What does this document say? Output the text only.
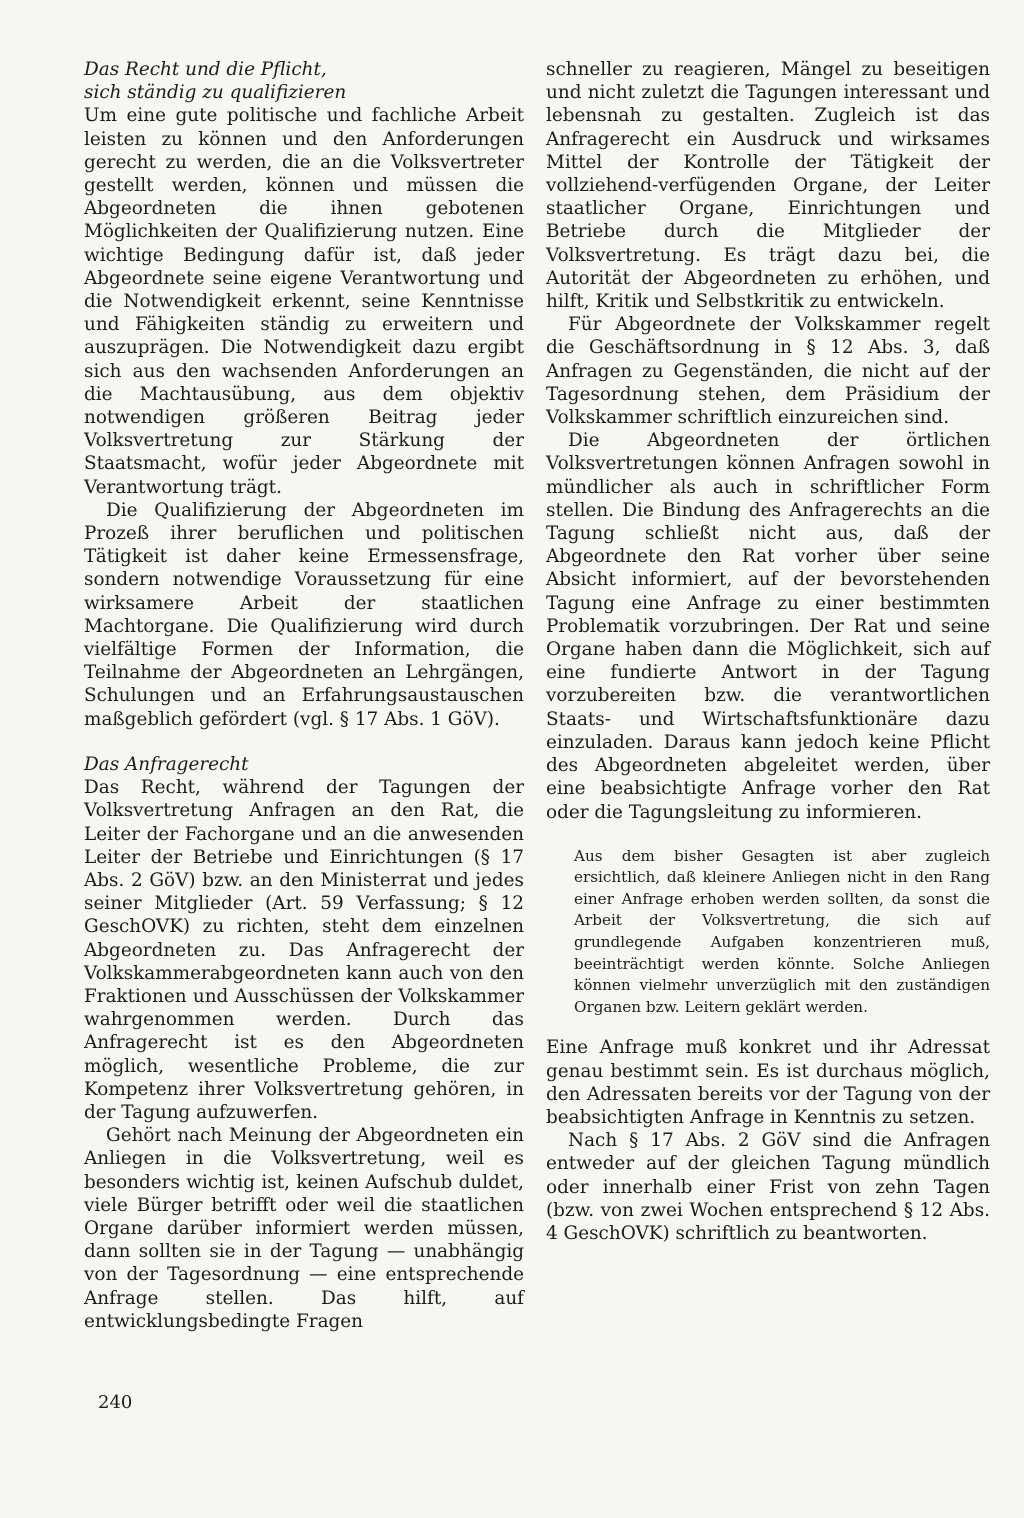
Das Recht und die Pflicht,
sich ständig zu qualifizieren

Um eine gute politische und fachliche Arbeit leisten zu können und den Anforderungen gerecht zu werden, die an die Volksvertreter gestellt werden, können und müssen die Abgeordneten die ihnen gebotenen Möglichkeiten der Qualifizierung nutzen. Eine wichtige Bedingung dafür ist, daß jeder Abgeordnete seine eigene Verantwortung und die Notwendigkeit erkennt, seine Kenntnisse und Fähigkeiten ständig zu erweitern und auszuprägen. Die Notwendigkeit dazu ergibt sich aus den wachsenden Anforderungen an die Machtausübung, aus dem objektiv notwendigen größeren Beitrag jeder Volksvertretung zur Stärkung der Staatsmacht, wofür jeder Abgeordnete mit Verantwortung trägt.

Die Qualifizierung der Abgeordneten im Prozeß ihrer beruflichen und politischen Tätigkeit ist daher keine Ermessensfrage, sondern notwendige Voraussetzung für eine wirksamere Arbeit der staatlichen Machtorgane. Die Qualifizierung wird durch vielfältige Formen der Information, die Teilnahme der Abgeordneten an Lehrgängen, Schulungen und an Erfahrungsaustauschen maßgeblich gefördert (vgl. § 17 Abs. 1 GöV).

Das Anfragerecht

Das Recht, während der Tagungen der Volksvertretung Anfragen an den Rat, die Leiter der Fachorgane und an die anwesenden Leiter der Betriebe und Einrichtungen (§ 17 Abs. 2 GöV) bzw. an den Ministerrat und jedes seiner Mitglieder (Art. 59 Verfassung; § 12 GeschOVK) zu richten, steht dem einzelnen Abgeordneten zu. Das Anfragerecht der Volkskammerabgeordneten kann auch von den Fraktionen und Ausschüssen der Volkskammer wahrgenommen werden. Durch das Anfragerecht ist es den Abgeordneten möglich, wesentliche Probleme, die zur Kompetenz ihrer Volksvertretung gehören, in der Tagung aufzuwerfen.

Gehört nach Meinung der Abgeordneten ein Anliegen in die Volksvertretung, weil es besonders wichtig ist, keinen Aufschub duldet, viele Bürger betrifft oder weil die staatlichen Organe darüber informiert werden müssen, dann sollten sie in der Tagung — unabhängig von der Tagesordnung — eine entsprechende Anfrage stellen. Das hilft, auf entwicklungsbedingte Fragen

schneller zu reagieren, Mängel zu beseitigen und nicht zuletzt die Tagungen interessant und lebensnah zu gestalten. Zugleich ist das Anfragerecht ein Ausdruck und wirksames Mittel der Kontrolle der Tätigkeit der vollziehend-verfügenden Organe, der Leiter staatlicher Organe, Einrichtungen und Betriebe durch die Mitglieder der Volksvertretung. Es trägt dazu bei, die Autorität der Abgeordneten zu erhöhen, und hilft, Kritik und Selbstkritik zu entwickeln.

Für Abgeordnete der Volkskammer regelt die Geschäftsordnung in § 12 Abs. 3, daß Anfragen zu Gegenständen, die nicht auf der Tagesordnung stehen, dem Präsidium der Volkskammer schriftlich einzureichen sind.

Die Abgeordneten der örtlichen Volksvertretungen können Anfragen sowohl in mündlicher als auch in schriftlicher Form stellen. Die Bindung des Anfragerechts an die Tagung schließt nicht aus, daß der Abgeordnete den Rat vorher über seine Absicht informiert, auf der bevorstehenden Tagung eine Anfrage zu einer bestimmten Problematik vorzubringen. Der Rat und seine Organe haben dann die Möglichkeit, sich auf eine fundierte Antwort in der Tagung vorzubereiten bzw. die verantwortlichen Staats- und Wirtschaftsfunktionäre dazu einzuladen. Daraus kann jedoch keine Pflicht des Abgeordneten abgeleitet werden, über eine beabsichtigte Anfrage vorher den Rat oder die Tagungsleitung zu informieren.

Aus dem bisher Gesagten ist aber zugleich ersichtlich, daß kleinere Anliegen nicht in den Rang einer Anfrage erhoben werden sollten, da sonst die Arbeit der Volksvertretung, die sich auf grundlegende Aufgaben konzentrieren muß, beeinträchtigt werden könnte. Solche Anliegen können vielmehr unverzüglich mit den zuständigen Organen bzw. Leitern geklärt werden.

Eine Anfrage muß konkret und ihr Adressat genau bestimmt sein. Es ist durchaus möglich, den Adressaten bereits vor der Tagung von der beabsichtigten Anfrage in Kenntnis zu setzen.

Nach § 17 Abs. 2 GöV sind die Anfragen entweder auf der gleichen Tagung mündlich oder innerhalb einer Frist von zehn Tagen (bzw. von zwei Wochen entsprechend § 12 Abs. 4 GeschOVK) schriftlich zu beantworten.

240
